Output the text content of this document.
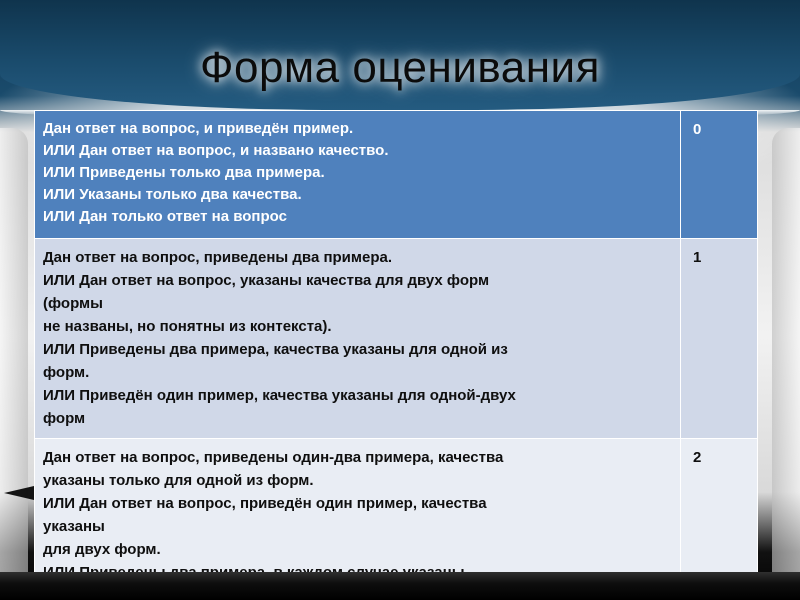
Форма оценивания
Дан ответ на вопрос, и приведён пример.
ИЛИ Дан ответ на вопрос, и названо качество.
ИЛИ Приведены только два примера.
ИЛИ Указаны только два качества.
ИЛИ Дан только ответ на вопрос
0
Дан ответ на вопрос, приведены два примера.
ИЛИ Дан ответ на вопрос, указаны качества для двух форм
(формы
не названы, но понятны из контекста).
ИЛИ Приведены два примера, качества указаны для одной из
форм.
ИЛИ Приведён один пример, качества указаны для одной-двух
форм
1
Дан ответ на вопрос, приведены один-два примера, качества
указаны только для одной из форм.
ИЛИ Дан ответ на вопрос, приведён один пример, качества
указаны
для двух форм.

2
